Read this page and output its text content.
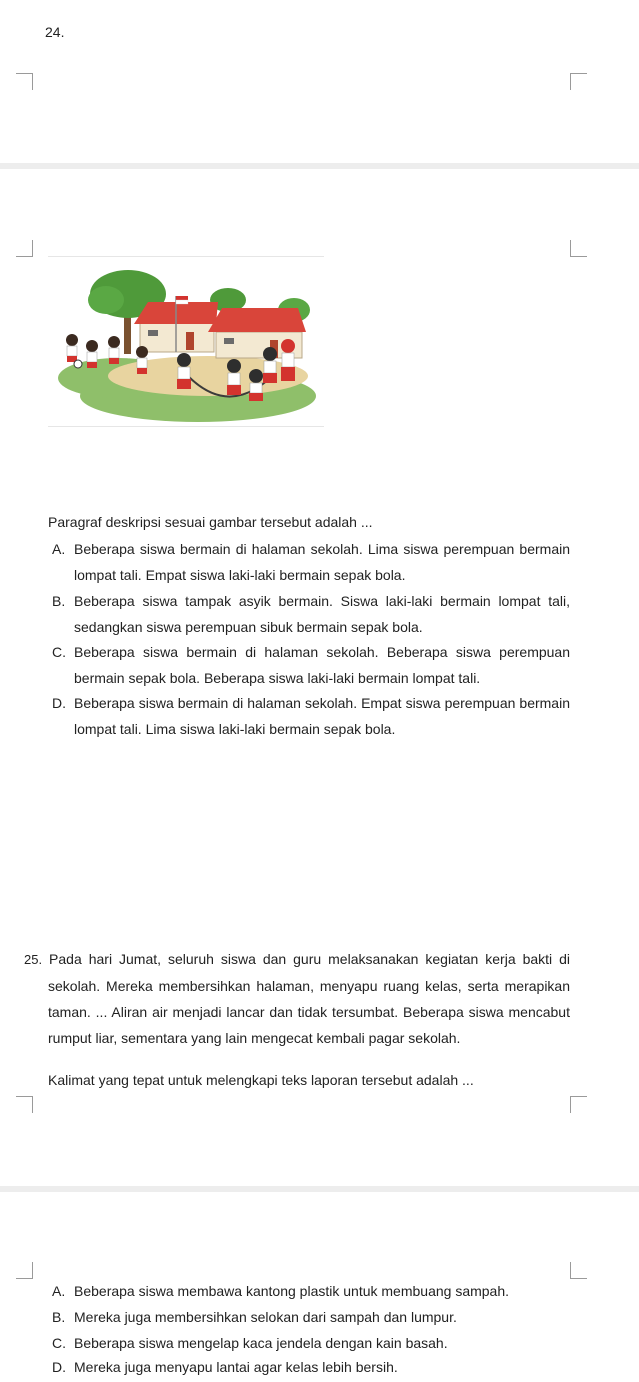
24.
Paragraf deskripsi sesuai gambar tersebut adalah ...
A. Beberapa siswa bermain di halaman sekolah. Lima siswa perempuan bermain lompat tali. Empat siswa laki-laki bermain sepak bola.
B. Beberapa siswa tampak asyik bermain. Siswa laki-laki bermain lompat tali, sedangkan siswa perempuan sibuk bermain sepak bola.
C. Beberapa siswa bermain di halaman sekolah. Beberapa siswa perempuan bermain sepak bola. Beberapa siswa laki-laki bermain lompat tali.
D. Beberapa siswa bermain di halaman sekolah. Empat siswa perempuan bermain lompat tali. Lima siswa laki-laki bermain sepak bola.
25. Pada hari Jumat, seluruh siswa dan guru melaksanakan kegiatan kerja bakti di sekolah. Mereka membersihkan halaman, menyapu ruang kelas, serta merapikan taman. ... Aliran air menjadi lancar dan tidak tersumbat. Beberapa siswa mencabut rumput liar, sementara yang lain mengecat kembali pagar sekolah.
Kalimat yang tepat untuk melengkapi teks laporan tersebut adalah ...
A. Beberapa siswa membawa kantong plastik untuk membuang sampah.
B. Mereka juga membersihkan selokan dari sampah dan lumpur.
C. Beberapa siswa mengelap kaca jendela dengan kain basah.
D. Mereka juga menyapu lantai agar kelas lebih bersih.
